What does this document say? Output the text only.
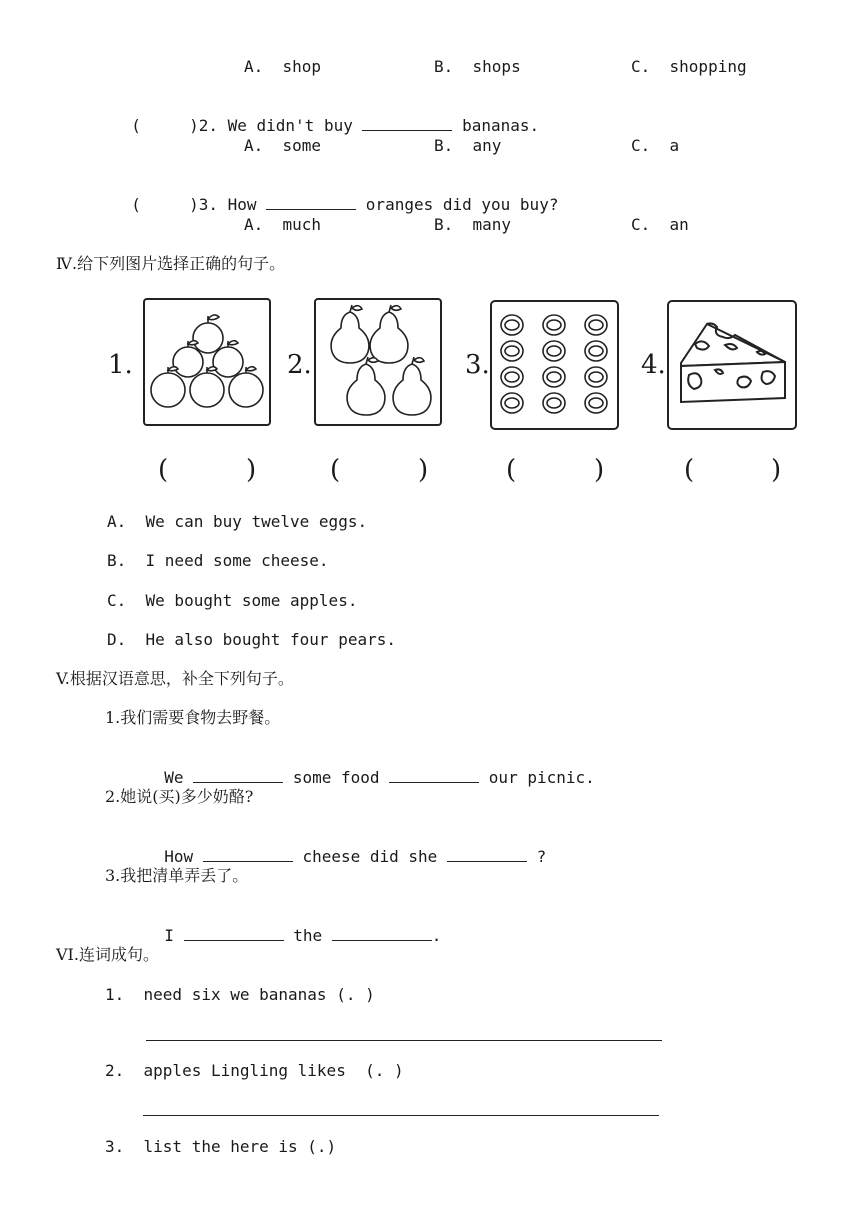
A.  shop	B.  shops	C.  shopping

(     )2. We didn't buy	bananas.

A.  some	B.  any	C.  a

(     )3. How	oranges did you buy?

A.  much	B.  many	C.  an
Ⅳ.给下列图片选择正确的句子。
1.	2.	3.	4.
(	)	(	)	(	)	(	)
A.  We can buy twelve eggs.
B.  I need some cheese.
C.  We bought some apples.
D.  He also bought four pears.
V.根据汉语意思，补全下列句子。
1.我们需要食物去野餐。

We	some food	our picnic.

2.她说(买)多少奶酪?

How	cheese did she	?

3.我把清单弄丢了。

I	the	.

VI.连词成句。
1.  need six we bananas (. )
2.  apples Lingling likes  (. )
3.  list the here is (.)
